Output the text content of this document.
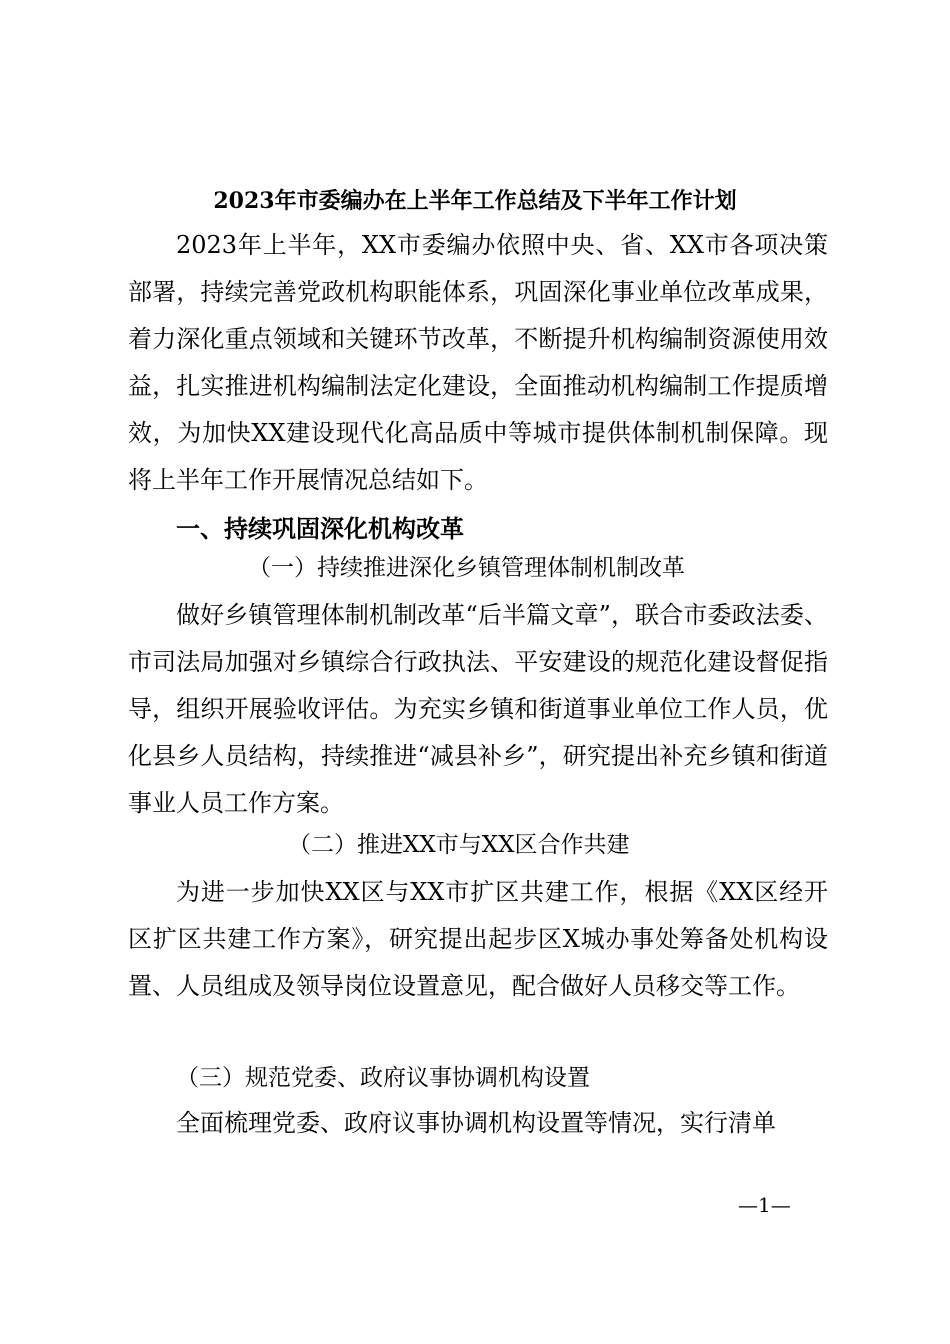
2023年市委编办在上半年工作总结及下半年工作计划

2023年上半年，XX市委编办依照中央、省、XX市各项决策部署，持续完善党政机构职能体系，巩固深化事业单位改革成果，着力深化重点领域和关键环节改革，不断提升机构编制资源使用效益，扎实推进机构编制法定化建设，全面推动机构编制工作提质增效，为加快XX建设现代化高品质中等城市提供体制机制保障。现将上半年工作开展情况总结如下。

一、持续巩固深化机构改革
（一）持续推进深化乡镇管理体制机制改革

做好乡镇管理体制机制改革“后半篇文章”，联合市委政法委、市司法局加强对乡镇综合行政执法、平安建设的规范化建设督促指导，组织开展验收评估。为充实乡镇和街道事业单位工作人员，优化县乡人员结构，持续推进“减县补乡”，研究提出补充乡镇和街道事业人员工作方案。

（二）推进XX市与XX区合作共建

为进一步加快XX区与XX市扩区共建工作，根据《XX区经开区扩区共建工作方案》，研究提出起步区X城办事处筹备处机构设置、人员组成及领导岗位设置意见，配合做好人员移交等工作。

（三）规范党委、政府议事协调机构设置

全面梳理党委、政府议事协调机构设置等情况，实行清单

—1—
